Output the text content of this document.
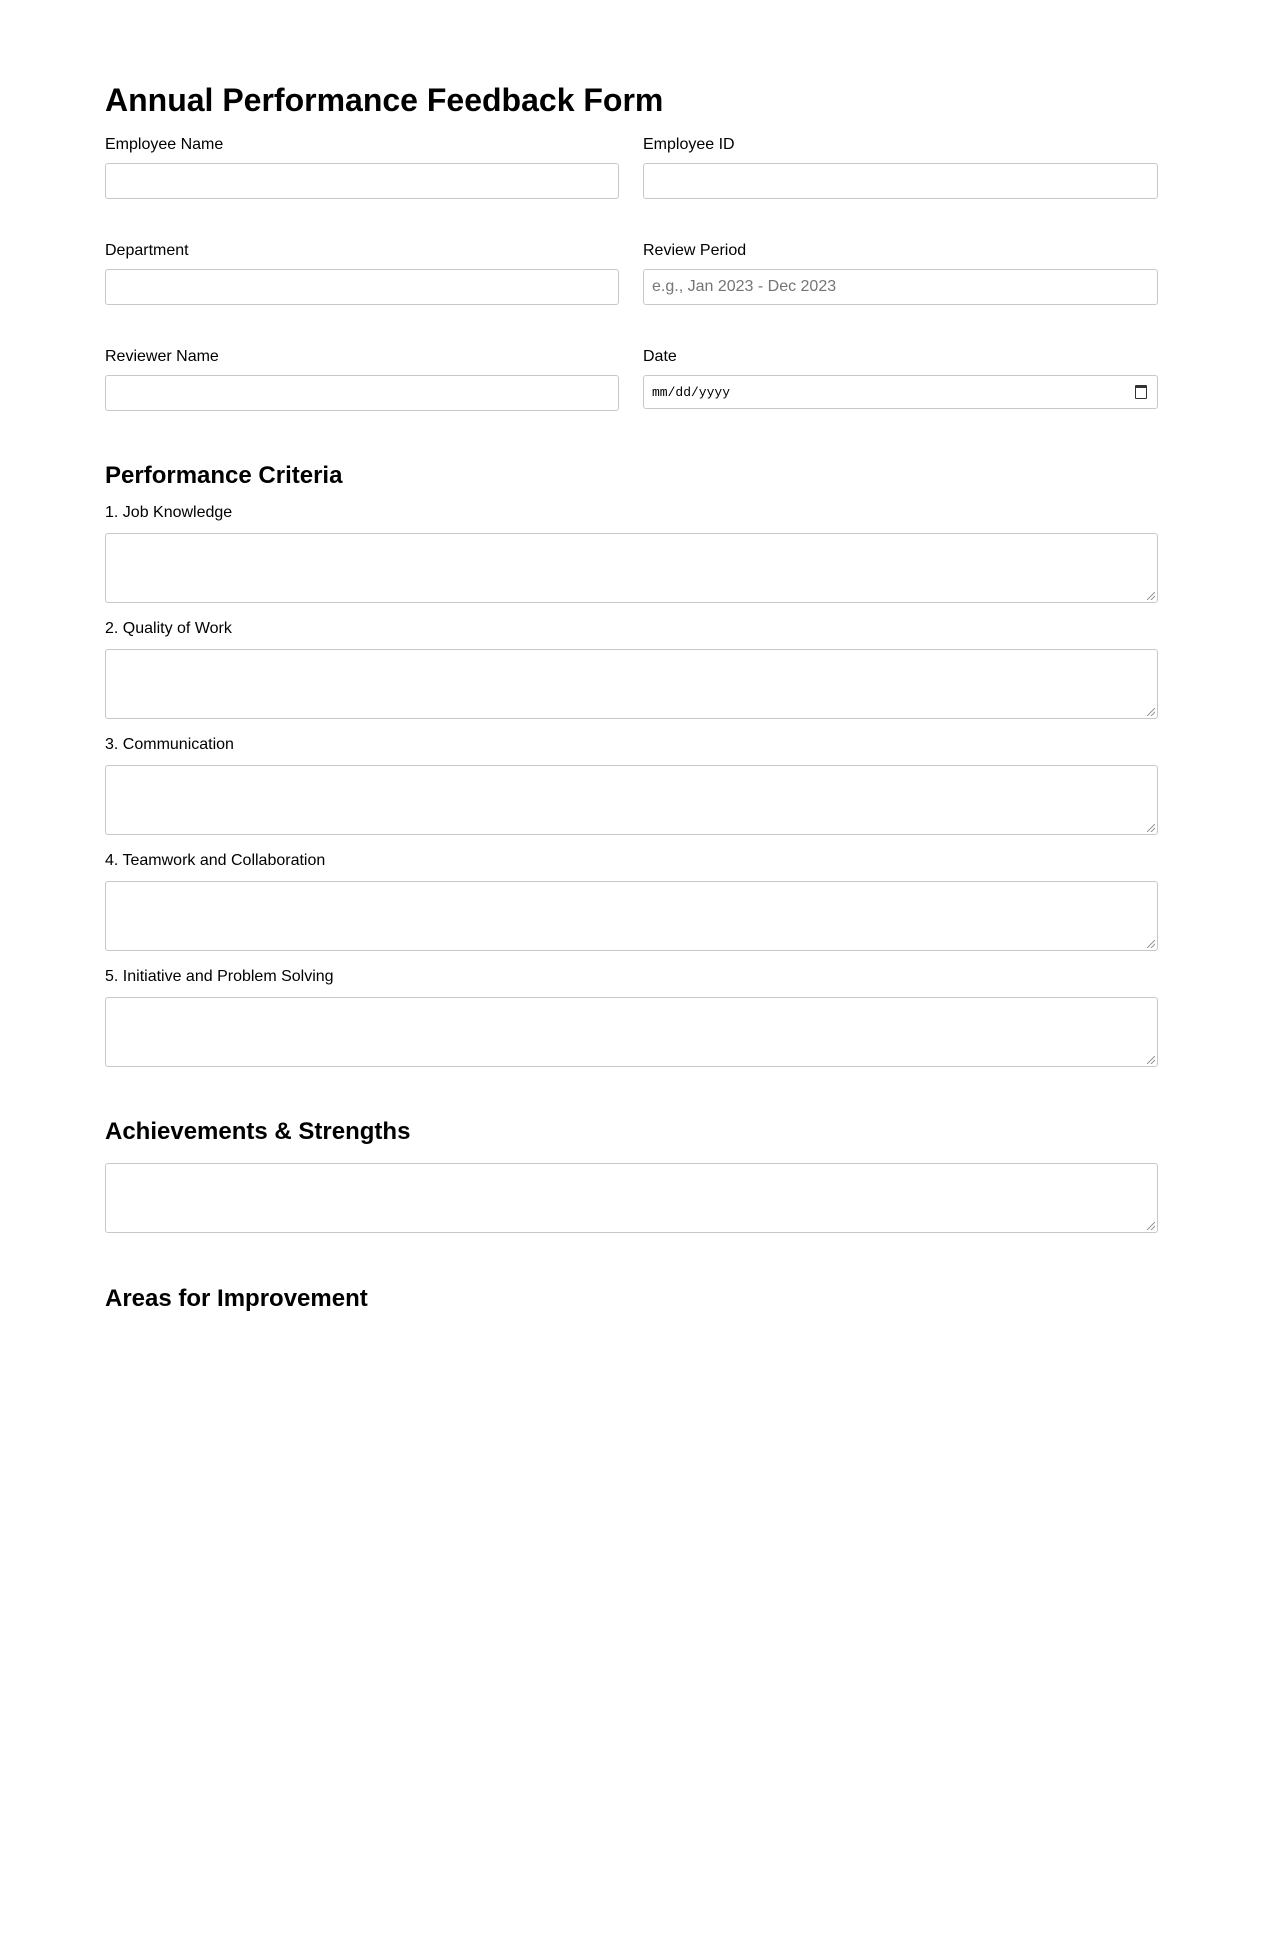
Annual Performance Feedback Form
Employee Name	Employee ID
Department	Review Period
e.g., Jan 2023 - Dec 2023
Reviewer Name	Date
mm/dd/yyyy
Performance Criteria
1. Job Knowledge
2. Quality of Work
3. Communication
4. Teamwork and Collaboration
5. Initiative and Problem Solving
Achievements & Strengths
Areas for Improvement
